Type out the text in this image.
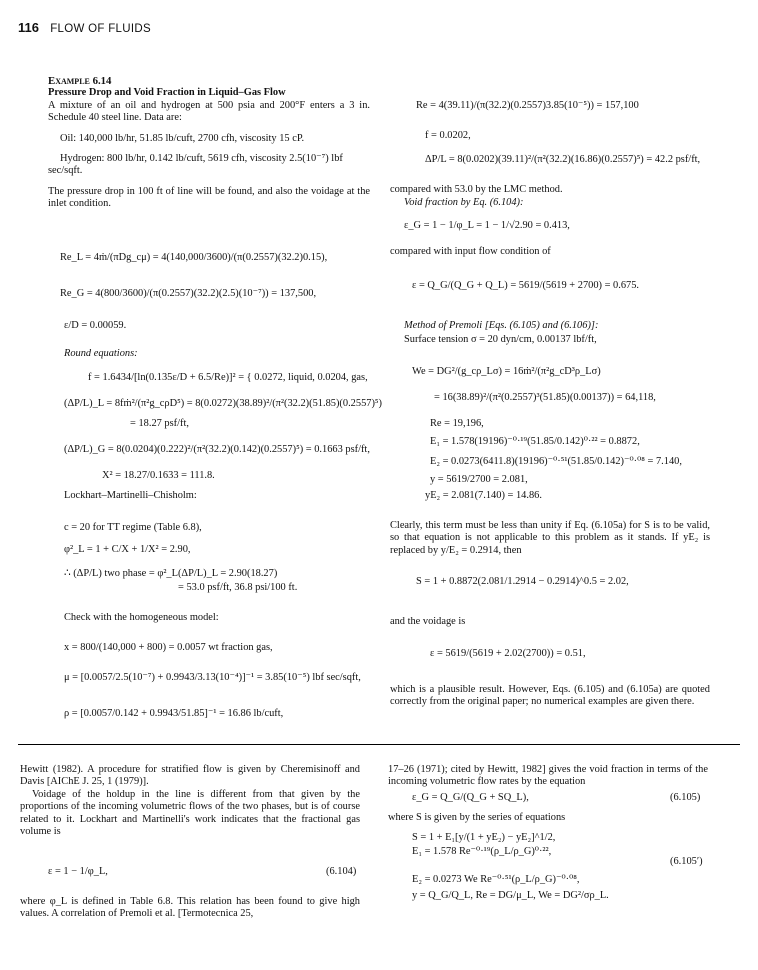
116 FLOW OF FLUIDS

Example 6.14

Pressure Drop and Void Fraction in Liquid–Gas Flow

A mixture of an oil and hydrogen at 500 psia and 200°F enters a 3 in. Schedule 40 steel line. Data are:

Oil: 140,000 lb/hr, 51.85 lb/cuft, 2700 cfh, viscosity 15 cP.

Hydrogen: 800 lb/hr, 0.142 lb/cuft, 5619 cfh, viscosity 2.5(10⁻⁷) lbf sec/sqft.

The pressure drop in 100 ft of line will be found, and also the voidage at the inlet condition.

Re_L = 4ṁ/(πDg_cμ) = 4(140,000/3600)/(π(0.2557)(32.2)0.15),
Re_G = 4(800/3600)/(π(0.2557)(32.2)(2.5)(10⁻⁷)) = 137,500,
ε/D = 0.00059.
Round equations:
f = 1.6434/[ln(0.135ε/D + 6.5/Re)]² = { 0.0272, liquid, 0.0204, gas,
(ΔP/L)_L = 8fṁ²/(π²g_cρD⁵) = 8(0.0272)(38.89)²/(π²(32.2)(51.85)(0.2557)⁵)
= 18.27 psf/ft,
(ΔP/L)_G = 8(0.0204)(0.222)²/(π²(32.2)(0.142)(0.2557)⁵) = 0.1663 psf/ft,
X² = 18.27/0.1633 = 111.8.
Lockhart–Martinelli–Chisholm:
c = 20 for TT regime (Table 6.8),
φ²_L = 1 + C/X + 1/X² = 2.90,
∴ (ΔP/L) two phase = φ²_L(ΔP/L)_L = 2.90(18.27)
= 53.0 psf/ft, 36.8 psi/100 ft.
Check with the homogeneous model:
x = 800/(140,000 + 800) = 0.0057 wt fraction gas,
μ = [0.0057/2.5(10⁻⁷) + 0.9943/3.13(10⁻⁴)]⁻¹ = 3.85(10⁻⁵) lbf sec/sqft,
ρ = [0.0057/0.142 + 0.9943/51.85]⁻¹ = 16.86 lb/cuft,
Re = 4(39.11)/(π(32.2)(0.2557)3.85(10⁻⁵)) = 157,100
f = 0.0202,
ΔP/L = 8(0.0202)(39.11)²/(π²(32.2)(16.86)(0.2557)⁵) = 42.2 psf/ft,
compared with 53.0 by the LMC method.
Void fraction by Eq. (6.104):
ε_G = 1 − 1/φ_L = 1 − 1/√2.90 = 0.413,
compared with input flow condition of
ε = Q_G/(Q_G + Q_L) = 5619/(5619 + 2700) = 0.675.
Method of Premoli [Eqs. (6.105) and (6.106)]:
Surface tension σ = 20 dyn/cm, 0.00137 lbf/ft,
We = DG²/(g_cρ_Lσ) = 16ṁ²/(π²g_cD³ρ_Lσ)
= 16(38.89)²/(π²(0.2557)³(51.85)(0.00137)) = 64,118,
Re = 19,196,
E₁ = 1.578(19196)⁻⁰·¹⁹(51.85/0.142)⁰·²² = 0.8872,
E₂ = 0.0273(6411.8)(19196)⁻⁰·⁵¹(51.85/0.142)⁻⁰·⁰⁸ = 7.140,
y = 5619/2700 = 2.081,
yE₂ = 2.081(7.140) = 14.86.

Clearly, this term must be less than unity if Eq. (6.105a) for S is to be valid, so that equation is not applicable to this problem as it stands. If yE₂ is replaced by y/E₂ = 0.2914, then

S = 1 + 0.8872(2.081/1.2914 − 0.2914)^0.5 = 2.02,
and the voidage is
ε = 5619/(5619 + 2.02(2700)) = 0.51,

which is a plausible result. However, Eqs. (6.105) and (6.105a) are quoted correctly from the original paper; no numerical examples are given there.

Hewitt (1982). A procedure for stratified flow is given by Cheremisinoff and Davis [AIChE J. 25, 1 (1979)].

Voidage of the holdup in the line is different from that given by the proportions of the incoming volumetric flows of the two phases, but is of course related to it. Lockhart and Martinelli's work indicates that the fractional gas volume is

ε = 1 − 1/φ_L,	(6.104)

where φ_L is defined in Table 6.8. This relation has been found to give high values. A correlation of Premoli et al. [Termotecnica 25,

17–26 (1971); cited by Hewitt, 1982] gives the void fraction in terms of the incoming volumetric flow rates by the equation

ε_G = Q_G/(Q_G + SQ_L),	(6.105)
where S is given by the series of equations
S = 1 + E₁[y/(1 + yE₂) − yE₂]^1/2,
E₁ = 1.578 Re⁻⁰·¹⁹(ρ_L/ρ_G)⁰·²²,
(6.105′)
E₂ = 0.0273 We Re⁻⁰·⁵¹(ρ_L/ρ_G)⁻⁰·⁰⁸,
y = Q_G/Q_L, Re = DG/μ_L, We = DG²/σρ_L.
